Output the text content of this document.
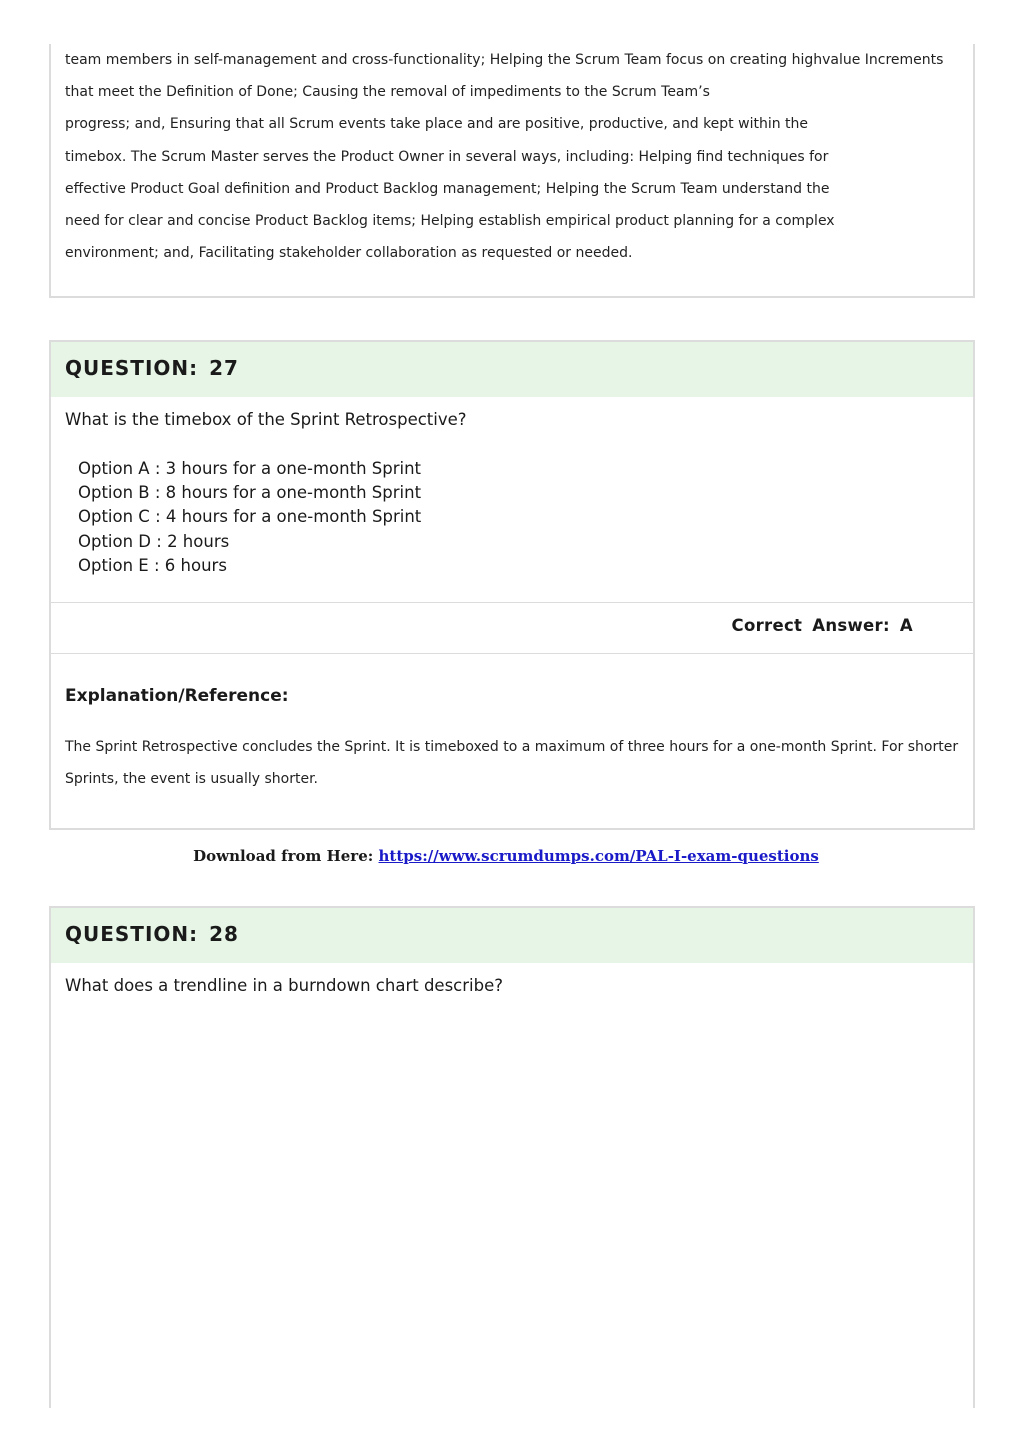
team members in self-management and cross-functionality; Helping the Scrum Team focus on creating highvalue Increments
that meet the Definition of Done; Causing the removal of impediments to the Scrum Team’s
progress; and, Ensuring that all Scrum events take place and are positive, productive, and kept within the
timebox. The Scrum Master serves the Product Owner in several ways, including: Helping find techniques for
effective Product Goal definition and Product Backlog management; Helping the Scrum Team understand the
need for clear and concise Product Backlog items; Helping establish empirical product planning for a complex
environment; and, Facilitating stakeholder collaboration as requested or needed.
QUESTION: 27
What is the timebox of the Sprint Retrospective?
Option A : 3 hours for a one-month Sprint
Option B : 8 hours for a one-month Sprint
Option C : 4 hours for a one-month Sprint
Option D : 2 hours
Option E : 6 hours
Correct Answer: A
Explanation/Reference:
The Sprint Retrospective concludes the Sprint. It is timeboxed to a maximum of three hours for a one-month Sprint. For shorter
Sprints, the event is usually shorter.
Download from Here: https://www.scrumdumps.com/PAL-I-exam-questions
QUESTION: 28
What does a trendline in a burndown chart describe?
